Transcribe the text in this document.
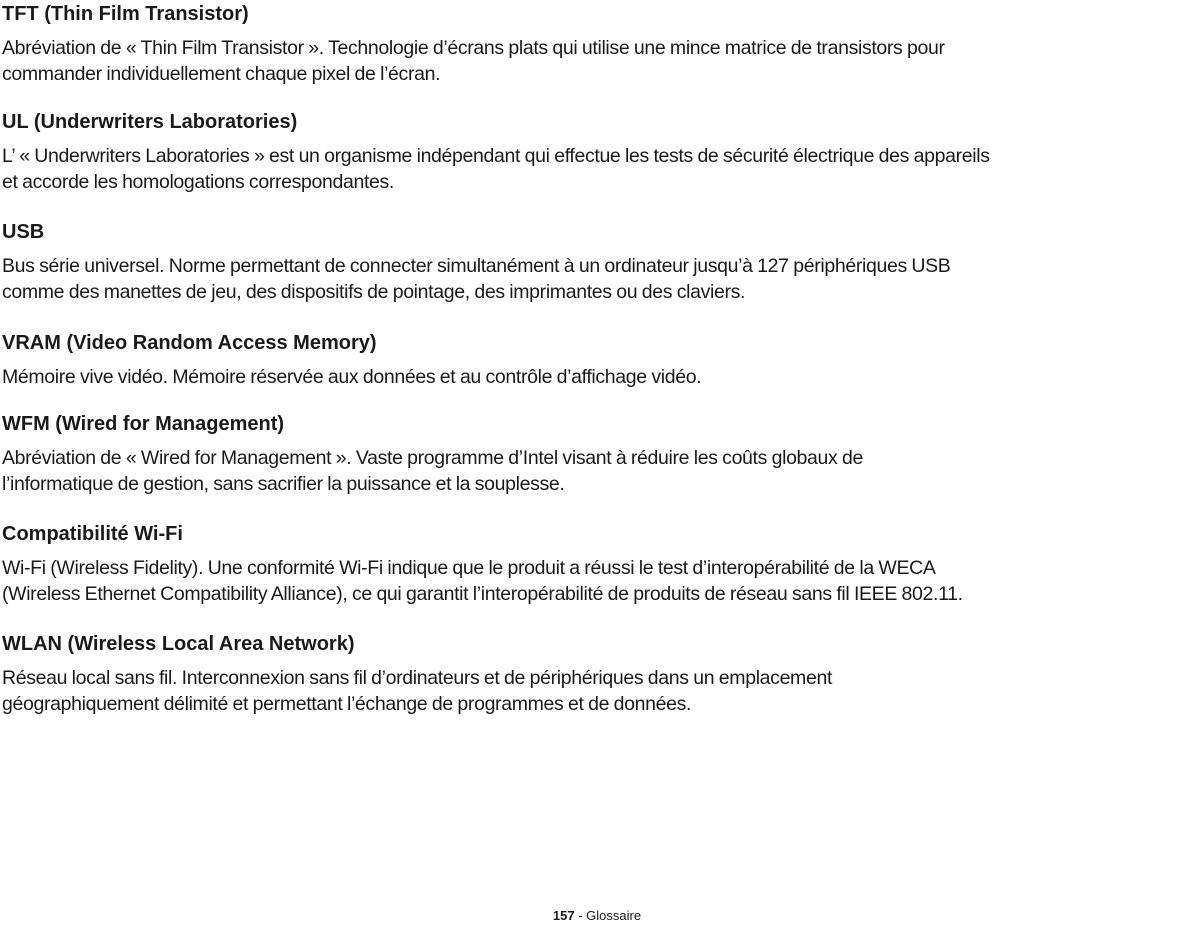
TFT (Thin Film Transistor)

Abréviation de « Thin Film Transistor ». Technologie d’écrans plats qui utilise une mince matrice de transistors pour
commander individuellement chaque pixel de l’écran.

UL (Underwriters Laboratories)

L’ « Underwriters Laboratories » est un organisme indépendant qui effectue les tests de sécurité électrique des appareils
et accorde les homologations correspondantes.

USB

Bus série universel. Norme permettant de connecter simultanément à un ordinateur jusqu’à 127 périphériques USB
comme des manettes de jeu, des dispositifs de pointage, des imprimantes ou des claviers.

VRAM (Video Random Access Memory)

Mémoire vive vidéo. Mémoire réservée aux données et au contrôle d’affichage vidéo.

WFM (Wired for Management)

Abréviation de « Wired for Management ». Vaste programme d’Intel visant à réduire les coûts globaux de
l’informatique de gestion, sans sacrifier la puissance et la souplesse.

Compatibilité Wi-Fi

Wi-Fi (Wireless Fidelity). Une conformité Wi-Fi indique que le produit a réussi le test d’interopérabilité de la WECA
(Wireless Ethernet Compatibility Alliance), ce qui garantit l’interopérabilité de produits de réseau sans fil IEEE 802.11.

WLAN (Wireless Local Area Network)

Réseau local sans fil. Interconnexion sans fil d’ordinateurs et de périphériques dans un emplacement
géographiquement délimité et permettant l’échange de programmes et de données.

157 - Glossaire
